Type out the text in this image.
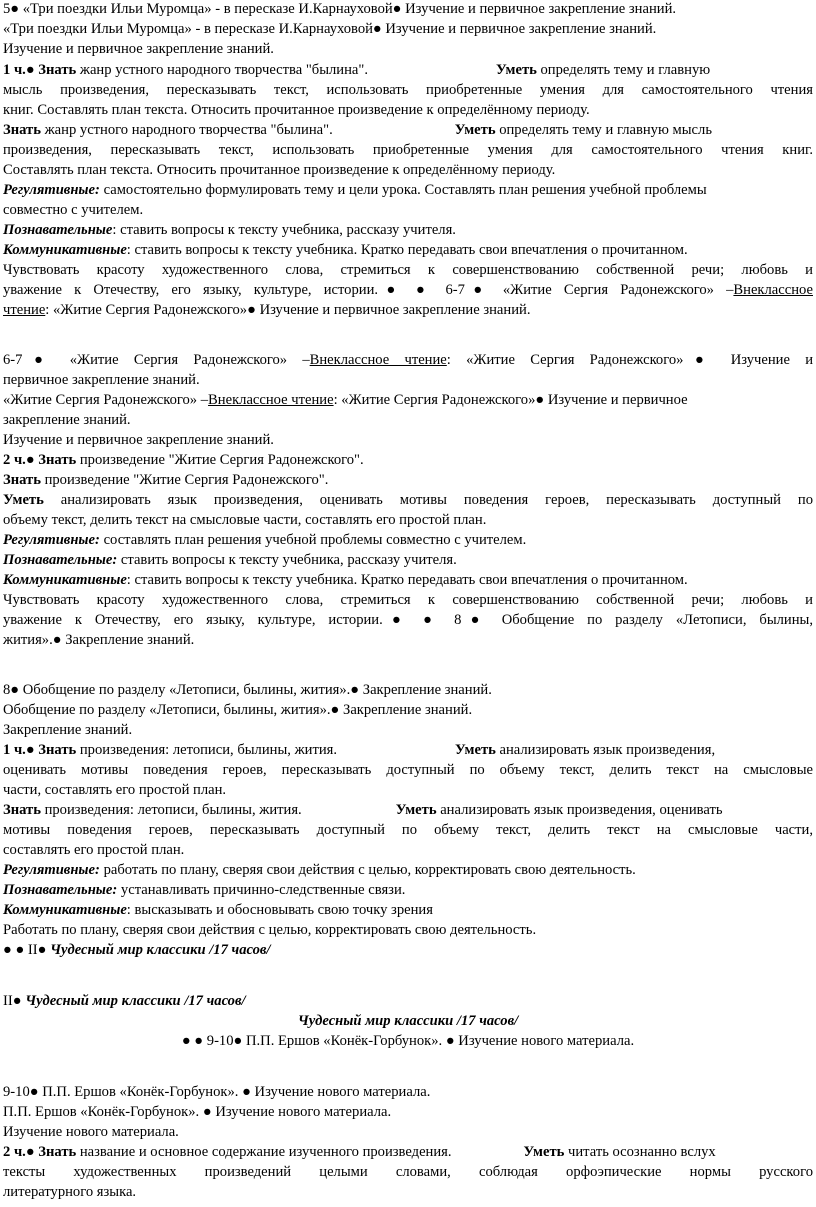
5● «Три поездки Ильи Муромца» - в пересказе И.Карнауховой● Изучение и первичное закрепление знаний.
«Три поездки Ильи Муромца» - в пересказе И.Карнауховой● Изучение и первичное закрепление знаний.
Изучение и первичное закрепление знаний.
1 ч.● Знать жанр устного народного творчества "былина".	Уметь определять тему и главную
мысль произведения, пересказывать текст, использовать приобретенные умения для самостоятельного чтения
книг. Составлять план текста. Относить прочитанное произведение к определённому периоду.
Знать жанр устного народного творчества "былина".	Уметь определять тему и главную мысль
произведения, пересказывать текст, использовать приобретенные умения для самостоятельного чтения книг.
Составлять план текста. Относить прочитанное произведение к определённому периоду.
Регулятивные: самостоятельно формулировать тему и цели урока. Составлять план решения учебной проблемы
совместно с учителем.
Познавательные: ставить вопросы к тексту учебника, рассказу учителя.
Коммуникативные: ставить вопросы к тексту учебника. Кратко передавать свои впечатления о прочитанном.
Чувствовать красоту художественного слова, стремиться к совершенствованию собственной речи; любовь и
уважение к Отечеству, его языку, культуре, истории.● ● 6-7● «Житие Сергия Радонежского» –Внеклассное
чтение: «Житие Сергия Радонежского»● Изучение и первичное закрепление знаний.
6-7● «Житие Сергия Радонежского» –Внеклассное чтение: «Житие Сергия Радонежского»● Изучение и
первичное закрепление знаний.
«Житие Сергия Радонежского» –Внеклассное чтение: «Житие Сергия Радонежского»● Изучение и первичное
закрепление знаний.
Изучение и первичное закрепление знаний.
2 ч.● Знать произведение "Житие Сергия Радонежского".
Знать произведение "Житие Сергия Радонежского".
Уметь анализировать язык произведения, оценивать мотивы поведения героев, пересказывать доступный по
объему текст, делить текст на смысловые части, составлять его простой план.
Регулятивные: составлять план решения учебной проблемы совместно с учителем.
Познавательные: ставить вопросы к тексту учебника, рассказу учителя.
Коммуникативные: ставить вопросы к тексту учебника. Кратко передавать свои впечатления о прочитанном.
Чувствовать красоту художественного слова, стремиться к совершенствованию собственной речи; любовь и
уважение к Отечеству, его языку, культуре, истории.● ● 8● Обобщение по разделу «Летописи, былины,
жития».● Закрепление знаний.
8● Обобщение по разделу «Летописи, былины, жития».● Закрепление знаний.
Обобщение по разделу «Летописи, былины, жития».● Закрепление знаний.
Закрепление знаний.
1 ч.● Знать произведения: летописи, былины, жития.	Уметь анализировать язык произведения,
оценивать мотивы поведения героев, пересказывать доступный по объему текст, делить текст на смысловые
части, составлять его простой план.
Знать произведения: летописи, былины, жития.	Уметь анализировать язык произведения, оценивать
мотивы поведения героев, пересказывать доступный по объему текст, делить текст на смысловые части,
составлять его простой план.
Регулятивные: работать по плану, сверяя свои действия с целью, корректировать свою деятельность.
Познавательные: устанавливать причинно-следственные связи.
Коммуникативные: высказывать и обосновывать свою точку зрения
Работать по плану, сверяя свои действия с целью, корректировать свою деятельность.
● ● II● Чудесный мир классики /17 часов/
II● Чудесный мир классики /17 часов/
Чудесный мир классики /17 часов/
● ● 9-10● П.П. Ершов «Конёк-Горбунок». ● Изучение нового материала.
9-10● П.П. Ершов «Конёк-Горбунок». ● Изучение нового материала.
П.П. Ершов «Конёк-Горбунок». ● Изучение нового материала.
Изучение нового материала.
2 ч.● Знать название и основное содержание изученного произведения.	Уметь читать осознанно вслух
тексты художественных произведений целыми словами, соблюдая орфоэпические нормы русского
литературного языка.
